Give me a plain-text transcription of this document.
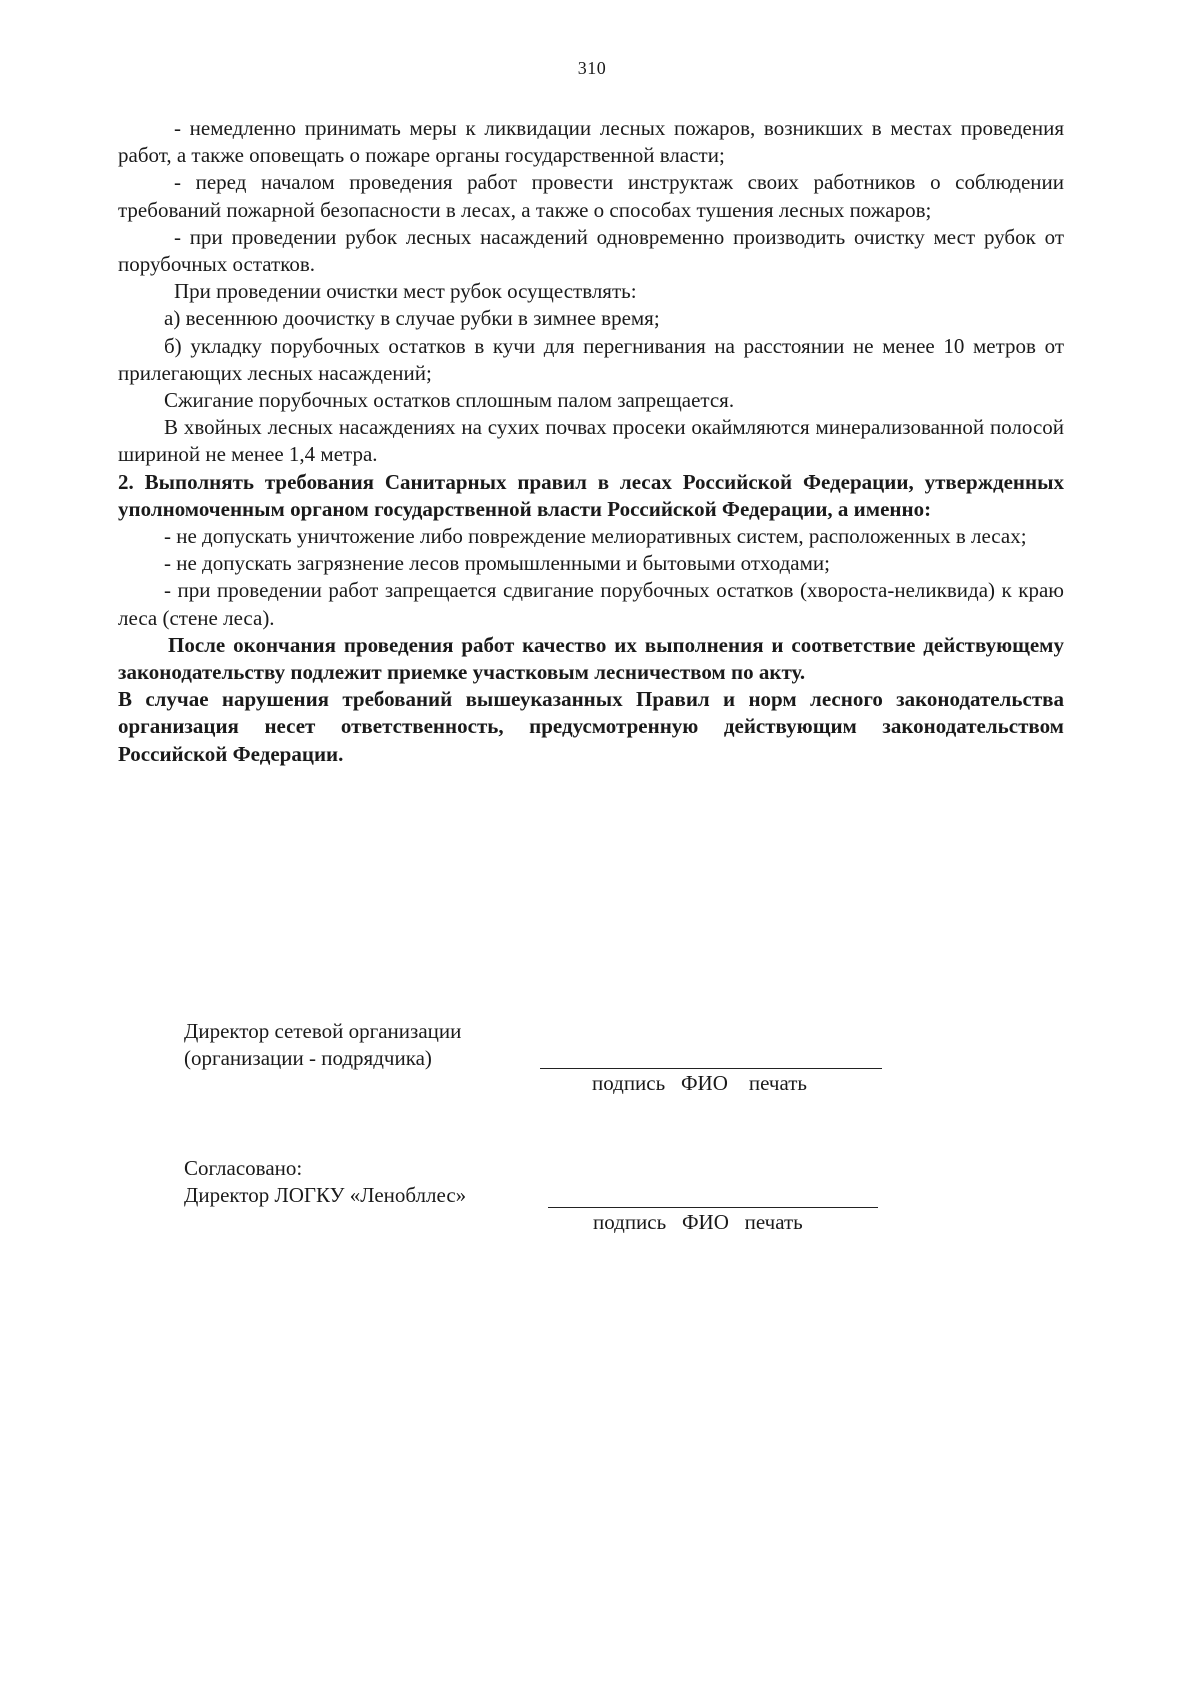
310

- немедленно принимать меры к ликвидации лесных пожаров, возникших в местах проведения работ, а также оповещать о пожаре органы государственной власти;

- перед началом проведения работ провести инструктаж своих работников о соблюдении требований пожарной безопасности в лесах, а также о способах тушения лесных пожаров;

- при проведении рубок лесных насаждений одновременно производить очистку мест рубок от порубочных остатков.

При проведении очистки мест рубок осуществлять:

а) весеннюю доочистку в случае рубки в зимнее время;

б) укладку порубочных остатков в кучи для перегнивания на расстоянии не менее 10 метров от прилегающих лесных насаждений;

Сжигание порубочных остатков сплошным палом запрещается.

В хвойных лесных насаждениях на сухих почвах просеки окаймляются минерализованной полосой шириной не менее 1,4 метра.

2. Выполнять требования Санитарных правил в лесах Российской Федерации, утвержденных уполномоченным органом государственной власти Российской Федерации, а именно:

- не допускать уничтожение либо повреждение мелиоративных систем, расположенных в лесах;

- не допускать загрязнение лесов промышленными и бытовыми отходами;

- при проведении работ запрещается сдвигание порубочных остатков (хвороста-неликвида) к краю леса (стене леса).

После окончания проведения работ качество их выполнения и соответствие действующему законодательству подлежит приемке участковым лесничеством по акту.

В случае нарушения требований вышеуказанных Правил и норм лесного законодательства организация несет ответственность, предусмотренную действующим законодательством Российской Федерации.

Директор сетевой организации
(организации - подрядчика)
подпись   ФИО    печать
Согласовано:
Директор ЛОГКУ «Ленобллес»
подпись   ФИО   печать
